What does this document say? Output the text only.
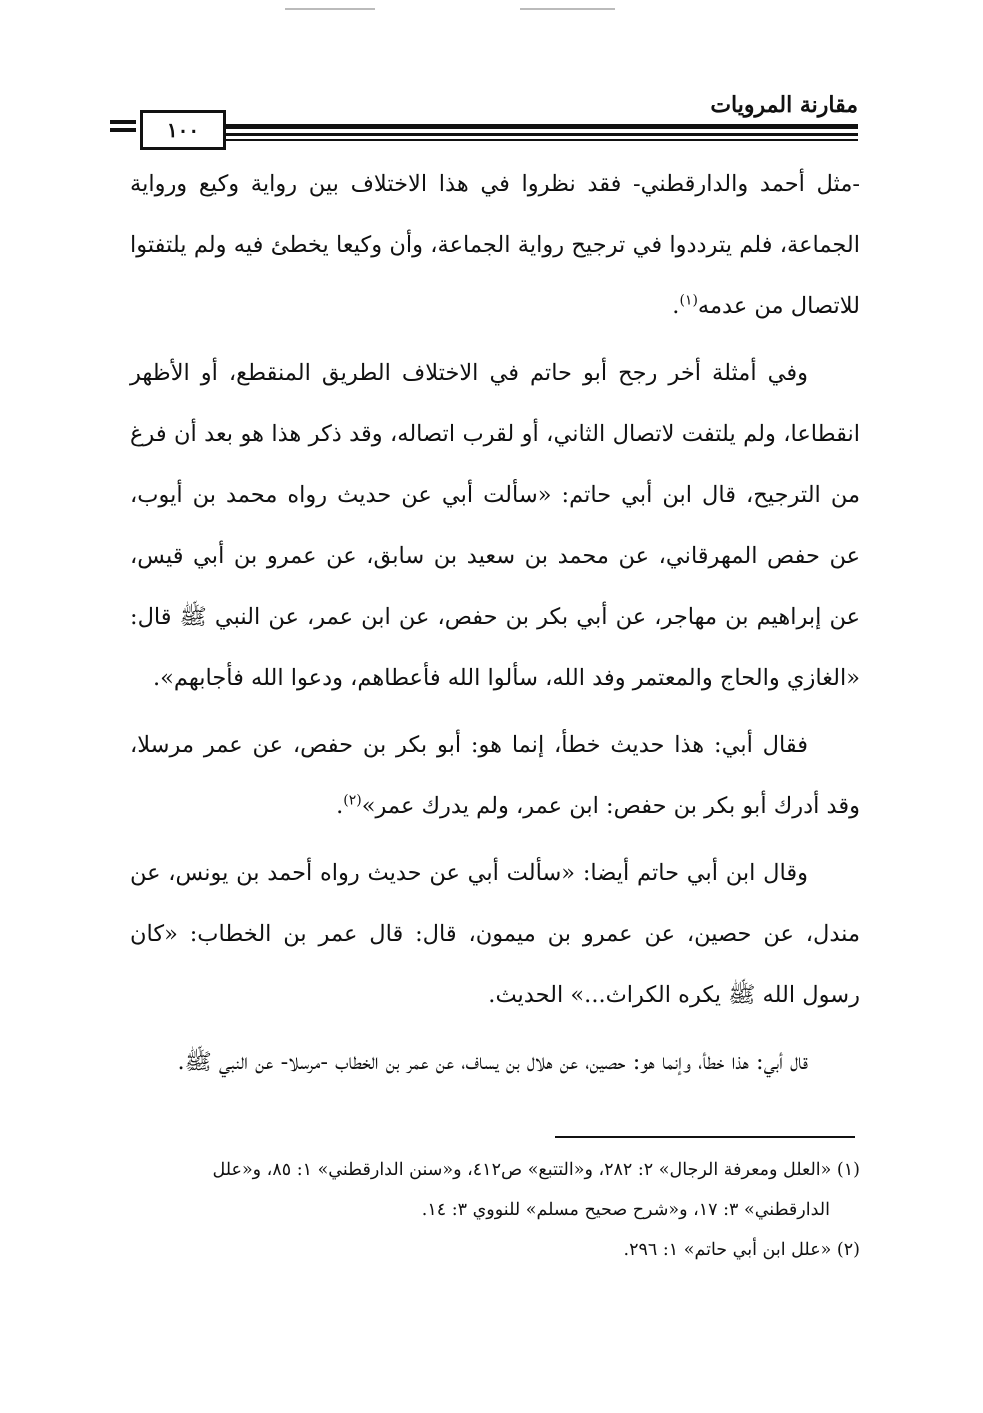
مقارنة المرويات
١٠٠

-مثل أحمد والدارقطني- فقد نظروا في هذا الاختلاف بين رواية وكيع ورواية الجماعة، فلم يترددوا في ترجيح رواية الجماعة، وأن وكيعا يخطئ فيه ولم يلتفتوا للاتصال من عدمه$^{(١)}$.

وفي أمثلة أخر رجح أبو حاتم في الاختلاف الطريق المنقطع، أو الأظهر انقطاعا، ولم يلتفت لاتصال الثاني، أو لقرب اتصاله، وقد ذكر هذا هو بعد أن فرغ من الترجيح، قال ابن أبي حاتم: «سألت أبي عن حديث رواه محمد بن أيوب، عن حفص المهرقاني، عن محمد بن سعيد بن سابق، عن عمرو بن أبي قيس، عن إبراهيم بن مهاجر، عن أبي بكر بن حفص، عن ابن عمر، عن النبي ﷺ قال: «الغازي والحاج والمعتمر وفد الله، سألوا الله فأعطاهم، ودعوا الله فأجابهم».

فقال أبي: هذا حديث خطأ، إنما هو: أبو بكر بن حفص، عن عمر مرسلا، وقد أدرك أبو بكر بن حفص: ابن عمر، ولم يدرك عمر»$^{(٢)}$.

وقال ابن أبي حاتم أيضا: «سألت أبي عن حديث رواه أحمد بن يونس، عن مندل، عن حصين، عن عمرو بن ميمون، قال: قال عمر بن الخطاب: «كان رسول الله ﷺ يكره الكراث...» الحديث.

قال أبي: هذا خطأ، وإنما هو: حصين، عن هلال بن يساف، عن عمر بن الخطاب -مرسلا- عن النبي ﷺ.

(١) «العلل ومعرفة الرجال» ٢: ٢٨٢، و«التتبع» ص٤١٢، و«سنن الدارقطني» ١: ٨٥، و«علل

الدارقطني» ٣: ١٧، و«شرح صحيح مسلم» للنووي ٣: ١٤.

(٢) «علل ابن أبي حاتم» ١: ٢٩٦.
